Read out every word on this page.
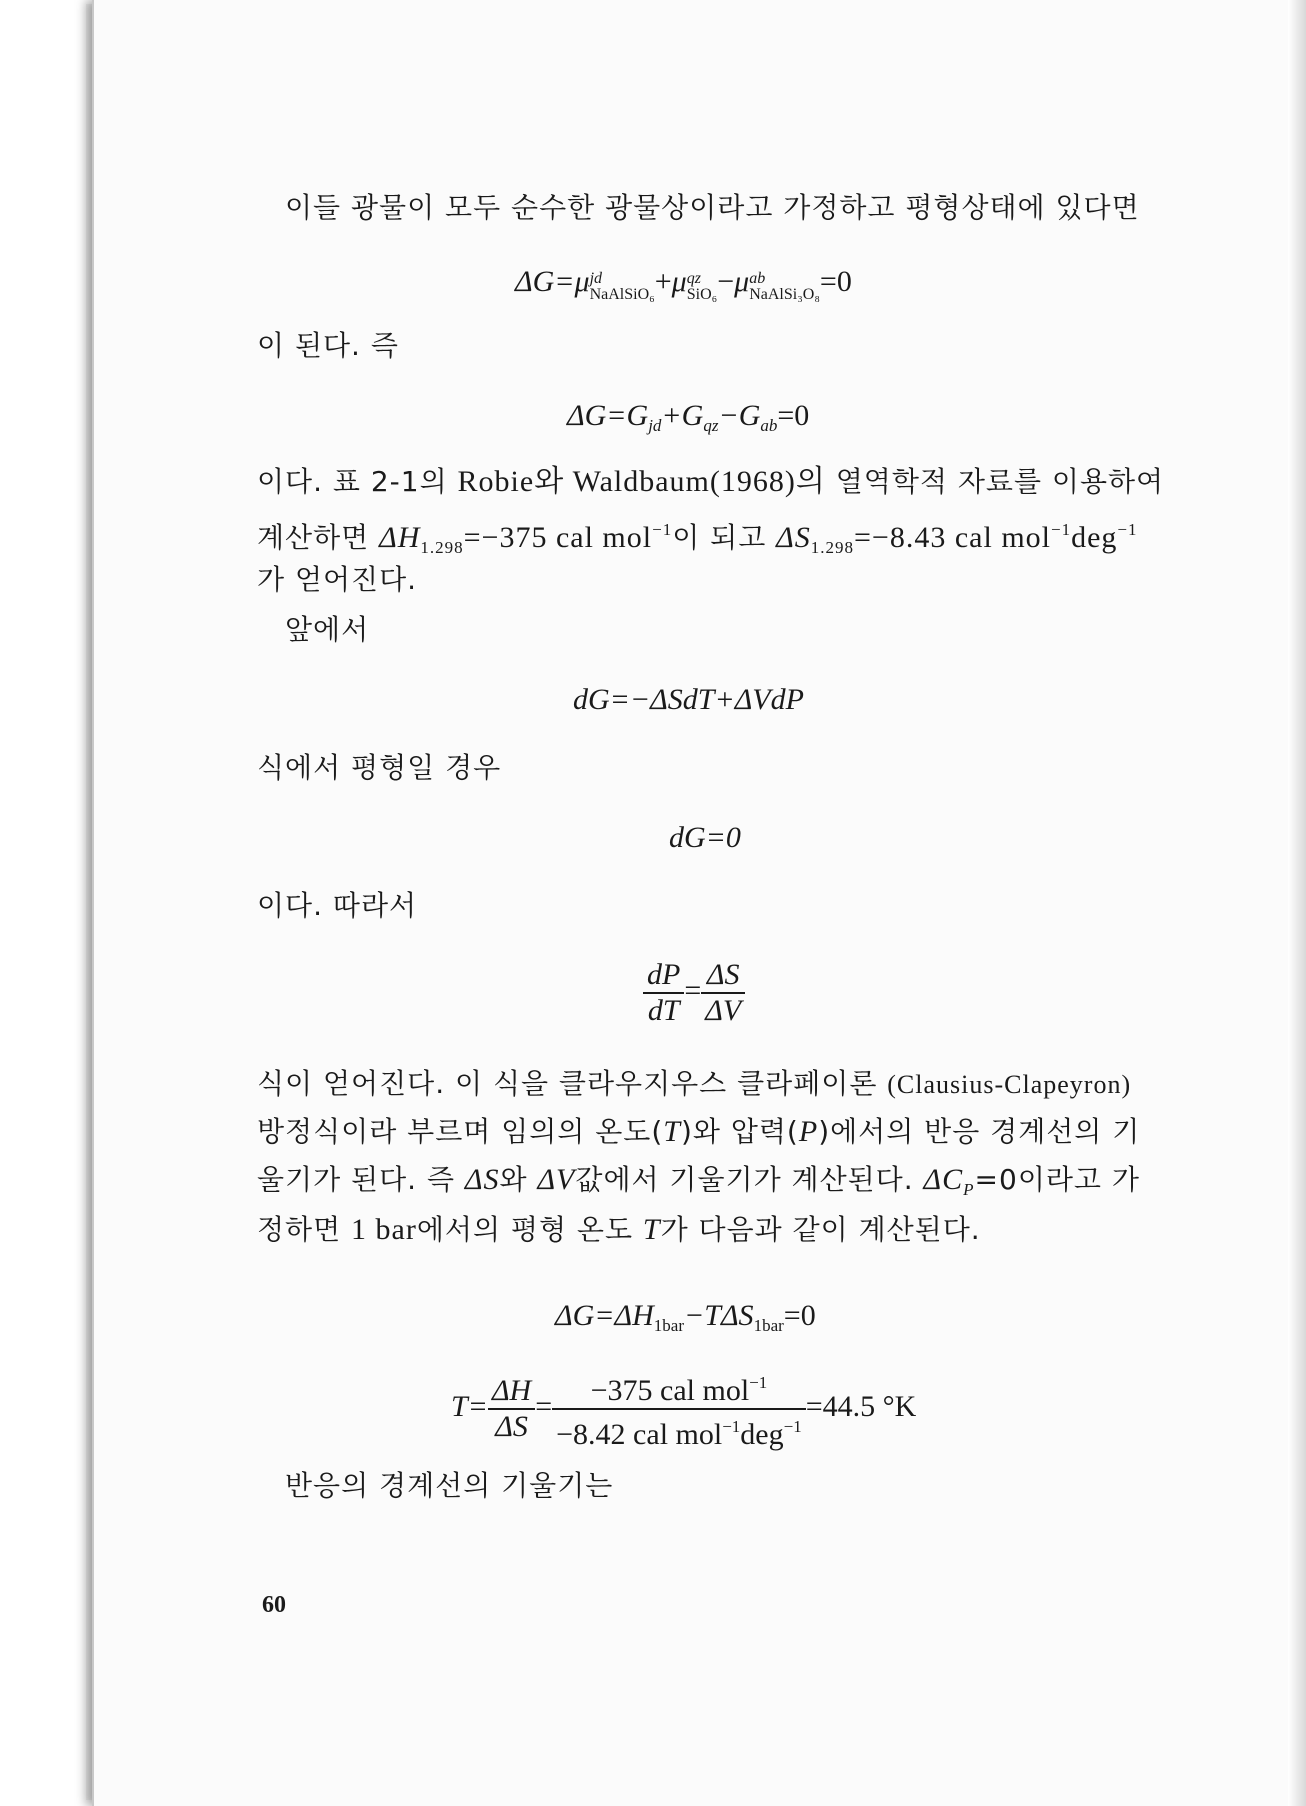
이들 광물이 모두 순수한 광물상이라고 가정하고 평형상태에 있다면
ΔG=μ jd
NaAlSiO₆ +μ qz
SiO₆ −μ ab
NaAlSi₃O₈ =0
이 된다. 즉
$\Delta G=G_{jd}+G_{qz}-G_{ab}=0$
이다. 표 2-1의 Robie와 Waldbaum(1968)의 열역학적 자료를 이용하여
계산하면 $\Delta H_{1.298}=-375$ cal mol$^{-1}$이 되고 $\Delta S_{1.298}=-8.43$ cal mol$^{-1}$deg$^{-1}$
가 얻어진다.
앞에서
dG=−ΔSdT+ΔVdP
식에서 평형일 경우
dG=0
이다. 따라서
$\frac{dP}{dT} = \frac{\Delta S}{\Delta V}$
식이 얻어진다. 이 식을 클라우지우스 클라페이론 (Clausius-Clapeyron)
방정식이라 부르며 임의의 온도(T)와 압력(P)에서의 반응 경계선의 기
울기가 된다. 즉 ΔS와 ΔV값에서 기울기가 계산된다. $\Delta C_P=0$이라고 가
정하면 1 bar에서의 평형 온도 T가 다음과 같이 계산된다.
$\Delta G=\Delta H_{1bar}-T\Delta S_{1bar}=0$
$T= \frac{\Delta H}{\Delta S} = \frac{-375 cal mol^{-1}}{-8.42 cal mol^{-1}deg^{-1}} =44.5$ °K
반응의 경계선의 기울기는
60
